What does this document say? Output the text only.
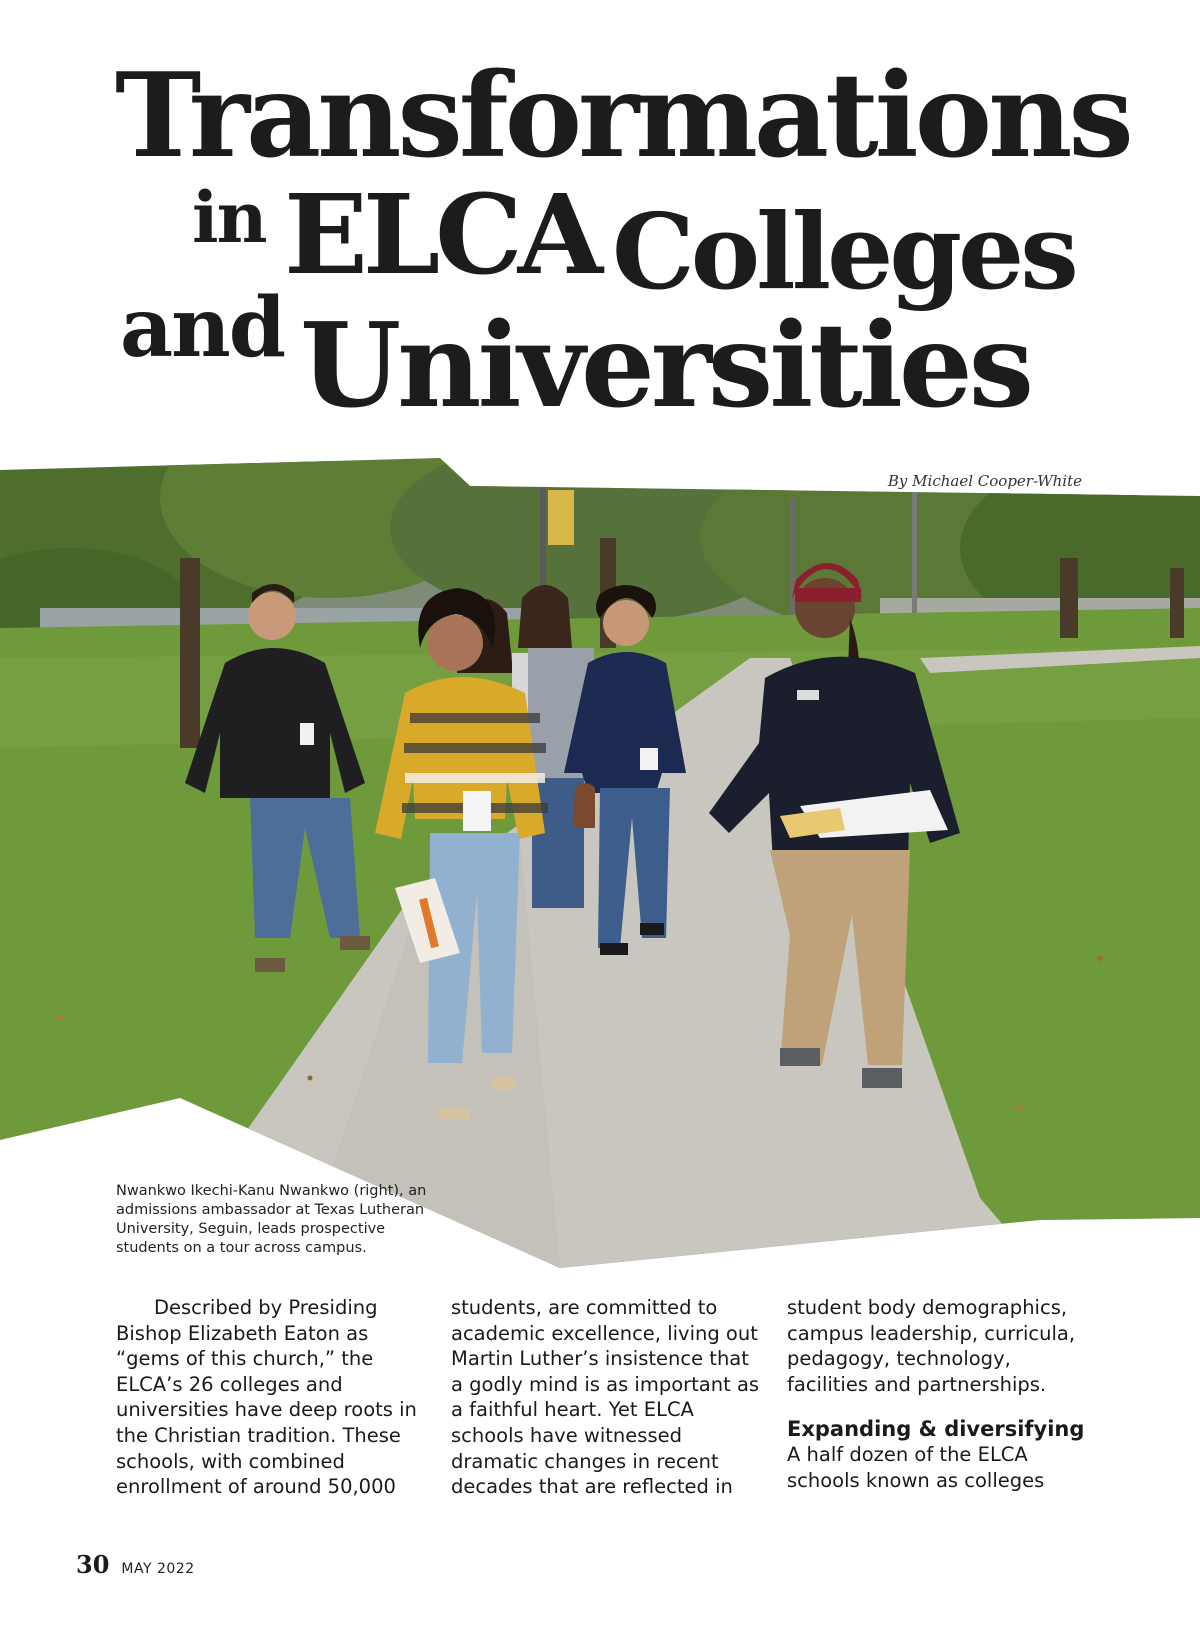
Transformations
in ELCA Colleges
and Universities
By Michael Cooper-White
Nwankwo Ikechi-Kanu Nwankwo (right), an admissions ambassador at Texas Lutheran University, Seguin, leads prospective students on a tour across campus.
Described by Presiding Bishop Elizabeth Eaton as “gems of this church,” the ELCA’s 26 colleges and universities have deep roots in the Christian tradition. These schools, with combined enrollment of around 50,000
students, are committed to academic excellence, living out Martin Luther’s insistence that a godly mind is as important as a faithful heart. Yet ELCA schools have witnessed dramatic changes in recent decades that are reflected in
student body demographics, campus leadership, curricula, pedagogy, technology, facilities and partnerships.
Expanding & diversifying
A half dozen of the ELCA schools known as colleges
30 MAY 2022
